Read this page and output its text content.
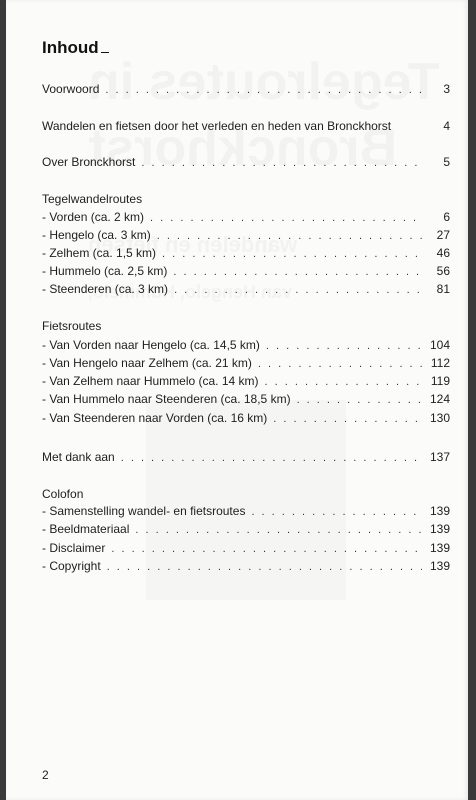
Inhoud
Voorwoord . . .	3
Wandelen en fietsen door het verleden en heden van Bronckhorst	4
Over Bronckhorst . . .	5
Tegelwandelroutes
- Vorden (ca. 2 km) . . .	6
- Hengelo (ca. 3 km) . . .	27
- Zelhem (ca. 1,5 km) . . .	46
- Hummelo (ca. 2,5 km) . . .	56
- Steenderen (ca. 3 km) . . .	81
Fietsroutes
- Van Vorden naar Hengelo (ca. 14,5 km) . . .	104
- Van Hengelo naar Zelhem (ca. 21 km) . . .	112
- Van Zelhem naar Hummelo (ca. 14 km) . . .	119
- Van Hummelo naar Steenderen (ca. 18,5 km) . . .	124
- Van Steenderen naar Vorden (ca. 16 km) . . .	130
Met dank aan . . .	137
Colofon
- Samenstelling wandel- en fietsroutes . . .	139
- Beeldmateriaal . . .	139
- Disclaimer . . .	139
- Copyright . . .	139
2
